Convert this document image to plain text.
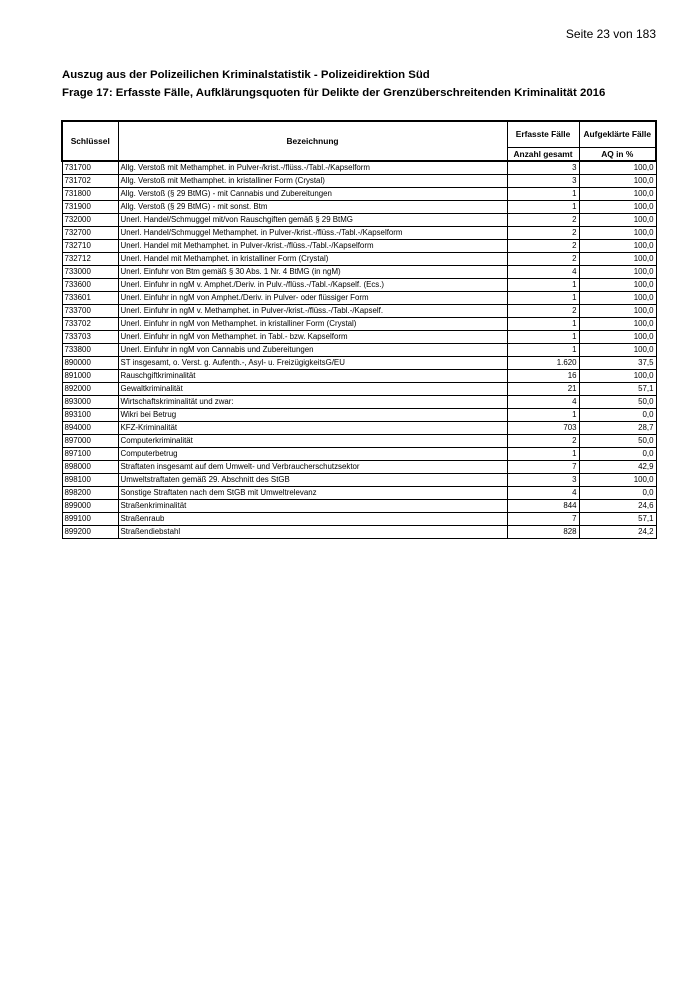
Seite 23 von 183
Auszug aus der Polizeilichen Kriminalstatistik - Polizeidirektion Süd
Frage 17: Erfasste Fälle, Aufklärungsquoten für Delikte der Grenzüberschreitenden Kriminalität 2016
Schlüssel	Bezeichnung	Erfasste Fälle	Aufgeklärte Fälle
		Anzahl gesamt	AQ in %
731700	Allg. Verstoß mit Methamphet. in Pulver-/krist.-/flüss.-/Tabl.-/Kapselform	3	100,0
731702	Allg. Verstoß mit Methamphet. in kristalliner Form (Crystal)	3	100,0
731800	Allg. Verstoß (§ 29 BtMG) - mit Cannabis und Zubereitungen	1	100,0
731900	Allg. Verstoß (§ 29 BtMG) - mit sonst. Btm	1	100,0
732000	Unerl. Handel/Schmuggel mit/von Rauschgiften gemäß § 29 BtMG	2	100,0
732700	Unerl. Handel/Schmuggel Methamphet. in Pulver-/krist.-/flüss.-/Tabl.-/Kapselform	2	100,0
732710	Unerl. Handel mit Methamphet. in Pulver-/krist.-/flüss.-/Tabl.-/Kapselform	2	100,0
732712	Unerl. Handel mit Methamphet. in kristalliner Form (Crystal)	2	100,0
733000	Unerl. Einfuhr von Btm gemäß § 30 Abs. 1 Nr. 4 BtMG (in ngM)	4	100,0
733600	Unerl. Einfuhr in ngM v. Amphet./Deriv. in Pulv.-/flüss.-/Tabl.-/Kapself. (Ecs.)	1	100,0
733601	Unerl. Einfuhr in ngM von Amphet./Deriv. in Pulver- oder flüssiger Form	1	100,0
733700	Unerl. Einfuhr in ngM v. Methamphet. in Pulver-/krist.-/flüss.-/Tabl.-/Kapself.	2	100,0
733702	Unerl. Einfuhr in ngM von Methamphet. in kristalliner Form (Crystal)	1	100,0
733703	Unerl. Einfuhr in ngM von Methamphet. in Tabl.- bzw. Kapselform	1	100,0
733800	Unerl. Einfuhr in ngM von Cannabis und Zubereitungen	1	100,0
890000	ST insgesamt, o. Verst. g. Aufenth.-, Asyl- u. FreizügigkeitsG/EU	1.620	37,5
891000	Rauschgiftkriminalität	16	100,0
892000	Gewaltkriminalität	21	57,1
893000	Wirtschaftskriminalität und zwar:	4	50,0
893100	Wikri bei Betrug	1	0,0
894000	KFZ-Kriminalität	703	28,7
897000	Computerkriminalität	2	50,0
897100	Computerbetrug	1	0,0
898000	Straftaten insgesamt auf dem Umwelt- und Verbraucherschutzsektor	7	42,9
898100	Umweltstraftaten gemäß 29. Abschnitt des StGB	3	100,0
898200	Sonstige Straftaten nach dem StGB mit Umweltrelevanz	4	0,0
899000	Straßenkriminalität	844	24,6
899100	Straßenraub	7	57,1
899200	Straßendiebstahl	828	24,2
